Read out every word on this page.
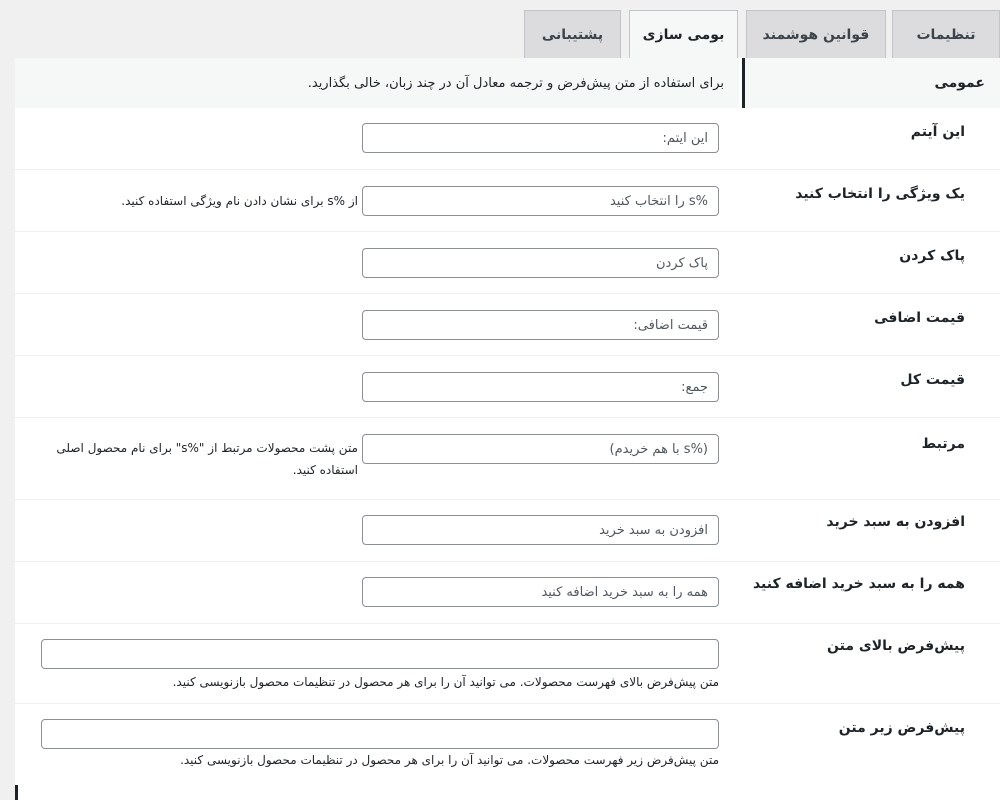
تنظیمات
قوانین هوشمند
بومی سازی
پشتیبانی
عمومی
برای استفاده از متن پیش‌فرض و ترجمه معادل آن در چند زبان، خالی بگذارید.
این آیتم
این آیتم:
یک ویژگی را انتخاب کنید
%s را انتخاب کنید
از %s برای نشان دادن نام ویژگی استفاده کنید.
پاک کردن
پاک کردن
قیمت اضافی
قیمت اضافی:
قیمت کل
جمع:
مرتبط
(%s با هم خریدم)
متن پشت محصولات مرتبط از "%s" برای نام محصول اصلی استفاده کنید.
افزودن به سبد خرید
افزودن به سبد خرید
همه را به سبد خرید اضافه کنید
همه را به سبد خرید اضافه کنید
پیش‌فرض بالای متن
متن پیش‌فرض بالای فهرست محصولات. می توانید آن را برای هر محصول در تنظیمات محصول بازنویسی کنید.
پیش‌فرض زیر متن
متن پیش‌فرض زیر فهرست محصولات. می توانید آن را برای هر محصول در تنظیمات محصول بازنویسی کنید.
